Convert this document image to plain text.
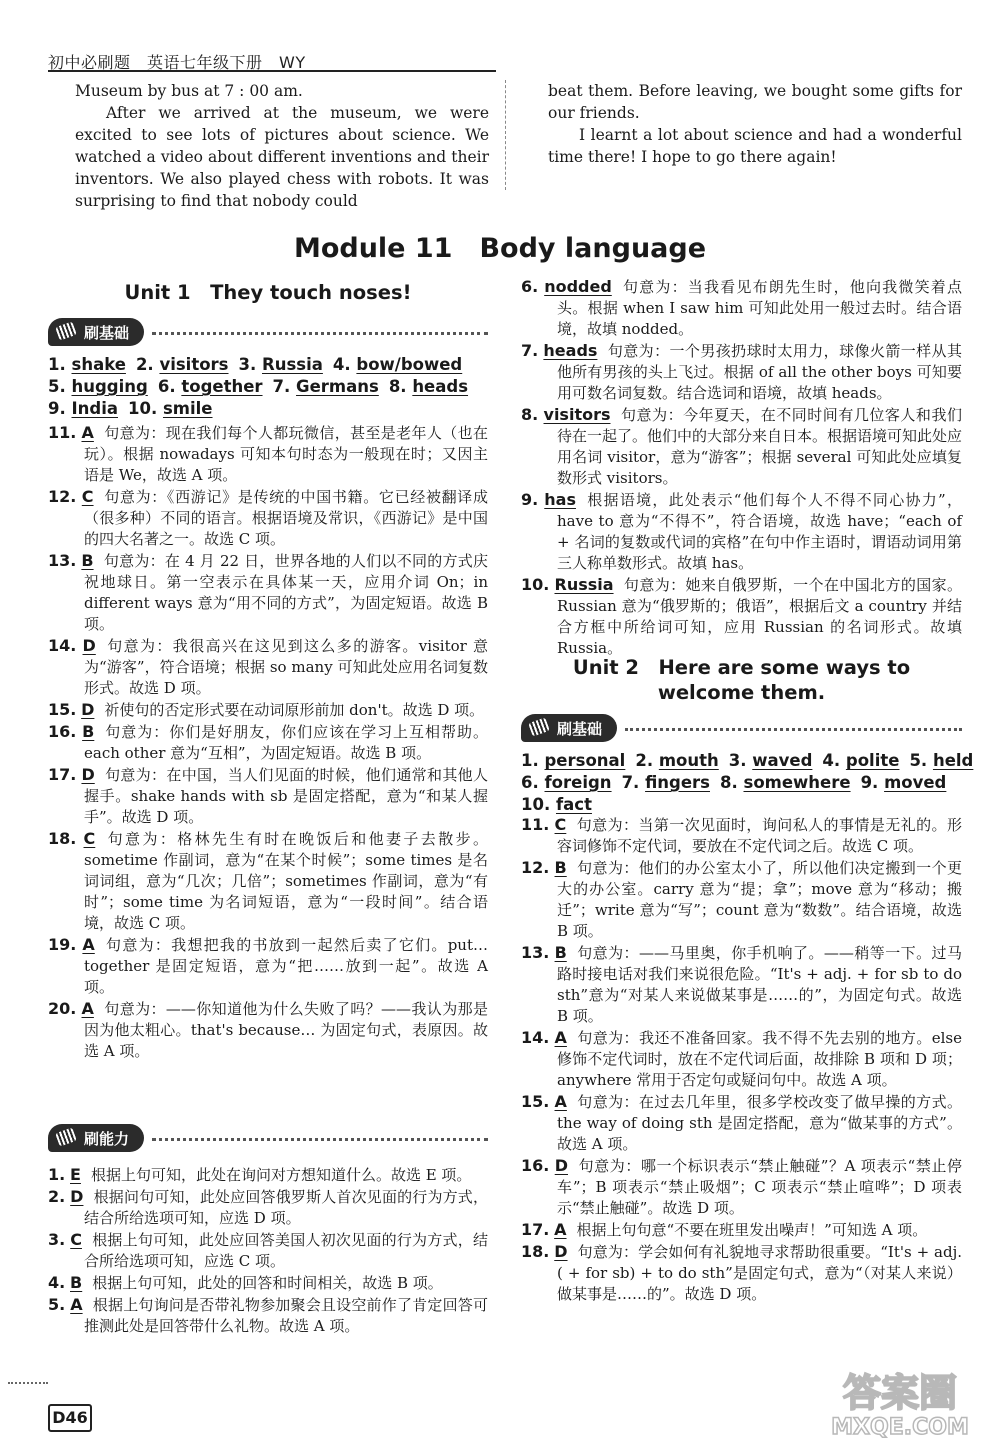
初中必刷题　英语七年级下册　WY

Museum by bus at 7 : 00 am.

After we arrived at the museum, we were excited to see lots of pictures about science. We watched a video about different inventions and their inventors. We also played chess with robots. It was surprising to find that nobody could

beat them. Before leaving, we bought some gifts for our friends.

I learnt a lot about science and had a wonderful time there! I hope to go there again!

Module 11　Body language
Unit 1　They touch noses!
刷基础
1. shake 2. visitors 3. Russia 4. bow/bowed
5. hugging 6. together 7. Germans 8. heads
9. India 10. smile

11. A 句意为：现在我们每个人都玩微信，甚至是老年人（也在玩）。根据 nowadays 可知本句时态为一般现在时；又因主语是 We，故选 A 项。

12. C 句意为：《西游记》是传统的中国书籍。它已经被翻译成（很多种）不同的语言。根据语境及常识，《西游记》是中国的四大名著之一。故选 C 项。

13. B 句意为：在 4 月 22 日，世界各地的人们以不同的方式庆祝地球日。第一空表示在具体某一天，应用介词 On；in different ways 意为“用不同的方式”，为固定短语。故选 B 项。

14. D 句意为：我很高兴在这见到这么多的游客。visitor 意为“游客”，符合语境；根据 so many 可知此处应用名词复数形式。故选 D 项。

15. D 祈使句的否定形式要在动词原形前加 don't。故选 D 项。

16. B 句意为：你们是好朋友，你们应该在学习上互相帮助。each other 意为“互相”，为固定短语。故选 B 项。

17. D 句意为：在中国，当人们见面的时候，他们通常和其他人握手。shake hands with sb 是固定搭配，意为“和某人握手”。故选 D 项。

18. C 句意为：格林先生有时在晚饭后和他妻子去散步。sometime 作副词，意为“在某个时候”；some times 是名词词组，意为“几次；几倍”；sometimes 作副词，意为“有时”；some time 为名词短语，意为“一段时间”。结合语境，故选 C 项。

19. A 句意为：我想把我的书放到一起然后卖了它们。put… together 是固定短语，意为“把……放到一起”。故选 A 项。

20. A 句意为：——你知道他为什么失败了吗？——我认为那是因为他太粗心。that's because… 为固定句式，表原因。故选 A 项。

刷能力

1. E 根据上句可知，此处在询问对方想知道什么。故选 E 项。

2. D 根据问句可知，此处应回答俄罗斯人首次见面的行为方式，结合所给选项可知，应选 D 项。

3. C 根据上句可知，此处应回答美国人初次见面的行为方式，结合所给选项可知，应选 C 项。

4. B 根据上句可知，此处的回答和时间相关，故选 B 项。

5. A 根据上句询问是否带礼物参加聚会且设空前作了肯定回答可推测此处是回答带什么礼物。故选 A 项。

6. nodded 句意为：当我看见布朗先生时，他向我微笑着点头。根据 when I saw him 可知此处用一般过去时。结合语境，故填 nodded。

7. heads 句意为：一个男孩扔球时太用力，球像火箭一样从其他所有男孩的头上飞过。根据 of all the other boys 可知要用可数名词复数。结合选词和语境，故填 heads。

8. visitors 句意为：今年夏天，在不同时间有几位客人和我们待在一起了。他们中的大部分来自日本。根据语境可知此处应用名词 visitor，意为“游客”；根据 several 可知此处应填复数形式 visitors。

9. has 根据语境，此处表示“他们每个人不得不同心协力”，have to 意为“不得不”，符合语境，故选 have；“each of + 名词的复数或代词的宾格”在句中作主语时，谓语动词用第三人称单数形式。故填 has。

10. Russia 句意为：她来自俄罗斯，一个在中国北方的国家。Russian 意为“俄罗斯的；俄语”，根据后文 a country 并结合方框中所给词可知，应用 Russian 的名词形式。故填 Russia。

Unit 2　Here are some ways to
welcome them.
刷基础
1. personal 2. mouth 3. waved 4. polite 5. held
6. foreign 7. fingers 8. somewhere 9. moved
10. fact

11. C 句意为：当第一次见面时，询问私人的事情是无礼的。形容词修饰不定代词，要放在不定代词之后。故选 C 项。

12. B 句意为：他们的办公室太小了，所以他们决定搬到一个更大的办公室。carry 意为“提；拿”；move 意为“移动；搬迁”；write 意为“写”；count 意为“数数”。结合语境，故选 B 项。

13. B 句意为：——马里奥，你手机响了。——稍等一下。过马路时接电话对我们来说很危险。“It's + adj. + for sb to do sth”意为“对某人来说做某事是……的”，为固定句式。故选 B 项。

14. A 句意为：我还不准备回家。我不得不先去别的地方。else 修饰不定代词时，放在不定代词后面，故排除 B 项和 D 项；anywhere 常用于否定句或疑问句中。故选 A 项。

15. A 句意为：在过去几年里，很多学校改变了做早操的方式。the way of doing sth 是固定搭配，意为“做某事的方式”。故选 A 项。

16. D 句意为：哪一个标识表示“禁止触碰”？A 项表示“禁止停车”；B 项表示“禁止吸烟”；C 项表示“禁止喧哗”；D 项表示“禁止触碰”。故选 D 项。

17. A 根据上句句意“不要在班里发出噪声！”可知选 A 项。

18. D 句意为：学会如何有礼貌地寻求帮助很重要。“It's + adj. ( + for sb) + to do sth”是固定句式，意为“（对某人来说）做某事是……的”。故选 D 项。

D46
答案圈
MXQE.COM
